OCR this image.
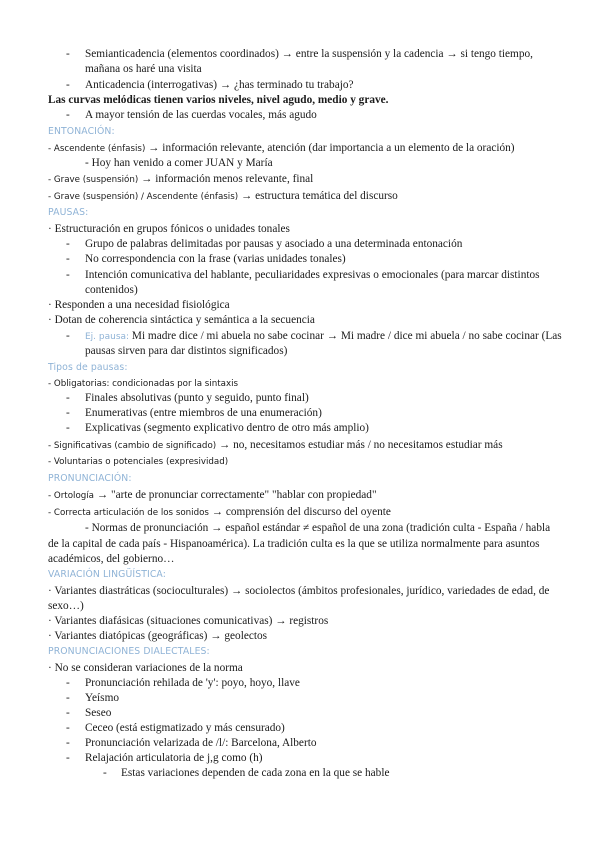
- Semianticadencia (elementos coordinados) → entre la suspensión y la cadencia → si tengo tiempo,
mañana os haré una visita
- Anticadencia (interrogativas) → ¿has terminado tu trabajo?
Las curvas melódicas tienen varios niveles, nivel agudo, medio y grave.
- A mayor tensión de las cuerdas vocales, más agudo
ENTONACIÓN:
- Ascendente (énfasis) → información relevante, atención (dar importancia a un elemento de la oración)
- Hoy han venido a comer JUAN y María
- Grave (suspensión) → información menos relevante, final
- Grave (suspensión) / Ascendente (énfasis) → estructura temática del discurso
PAUSAS:
· Estructuración en grupos fónicos o unidades tonales
- Grupo de palabras delimitadas por pausas y asociado a una determinada entonación
- No correspondencia con la frase (varias unidades tonales)
- Intención comunicativa del hablante, peculiaridades expresivas o emocionales (para marcar distintos
contenidos)
· Responden a una necesidad fisiológica
· Dotan de coherencia sintáctica y semántica a la secuencia
- Ej. pausa: Mi madre dice / mi abuela no sabe cocinar → Mi madre / dice mi abuela / no sabe cocinar (Las
pausas sirven para dar distintos significados)
Tipos de pausas:
- Obligatorias: condicionadas por la sintaxis
- Finales absolutivas (punto y seguido, punto final)
- Enumerativas (entre miembros de una enumeración)
- Explicativas (segmento explicativo dentro de otro más amplio)
- Significativas (cambio de significado) → no, necesitamos estudiar más / no necesitamos estudiar más
- Voluntarias o potenciales (expresividad)
PRONUNCIACIÓN:
- Ortología → "arte de pronunciar correctamente" "hablar con propiedad"
- Correcta articulación de los sonidos → comprensión del discurso del oyente
- Normas de pronunciación → español estándar ≠ español de una zona (tradición culta - España / habla
de la capital de cada país - Hispanoamérica). La tradición culta es la que se utiliza normalmente para asuntos
académicos, del gobierno…
VARIACIÓN LINGÜÍSTICA:
· Variantes diastráticas (socioculturales) → sociolectos (ámbitos profesionales, jurídico, variedades de edad, de
sexo…)
· Variantes diafásicas (situaciones comunicativas) → registros
· Variantes diatópicas (geográficas) → geolectos
PRONUNCIACIONES DIALECTALES:
· No se consideran variaciones de la norma
- Pronunciación rehilada de 'y': poyo, hoyo, llave
- Yeísmo
- Seseo
- Ceceo (está estigmatizado y más censurado)
- Pronunciación velarizada de /l/: Barcelona, Alberto
- Relajación articulatoria de j,g como (h)
- Estas variaciones dependen de cada zona en la que se hable
